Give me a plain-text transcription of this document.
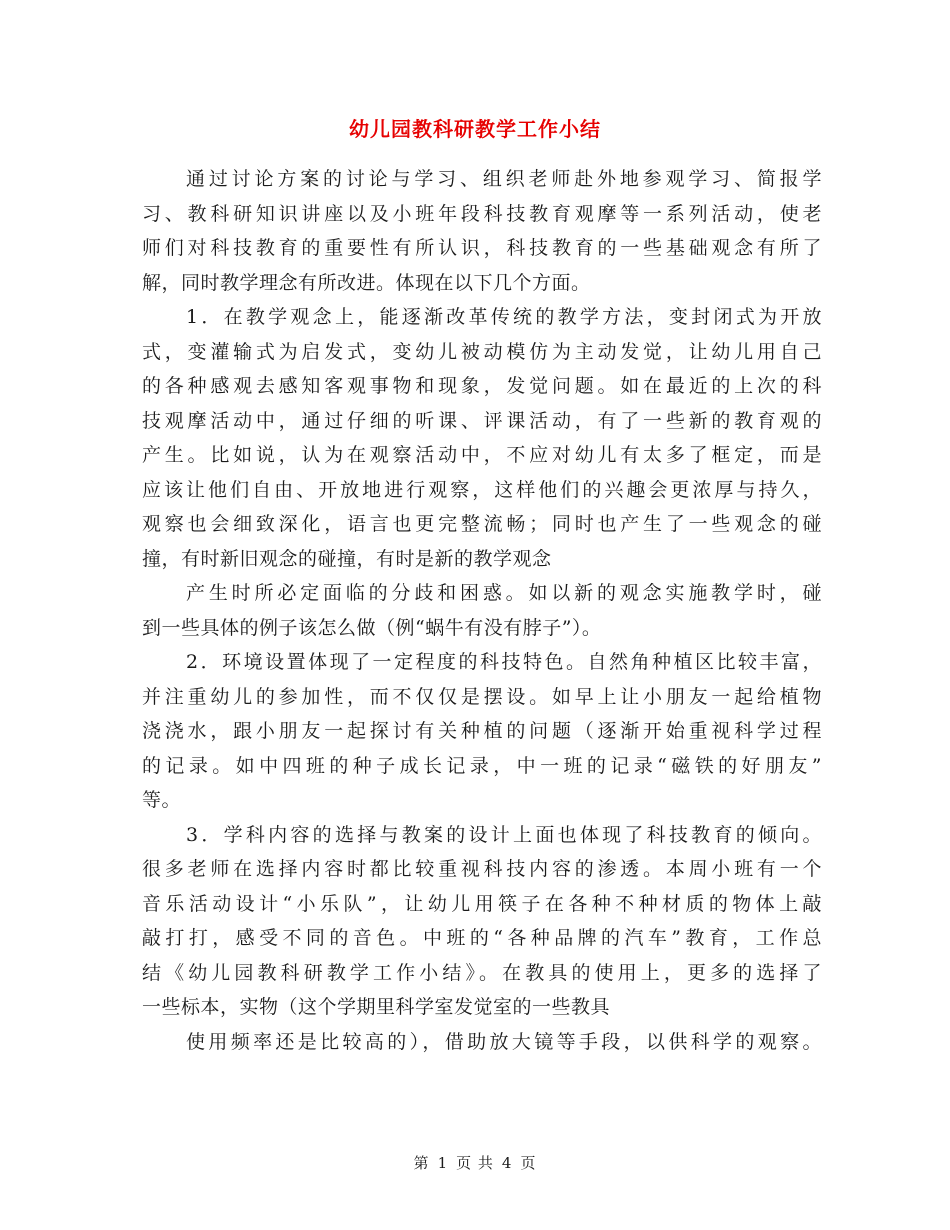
幼儿园教科研教学工作小结
通过讨论方案的讨论与学习、组织老师赴外地参观学习、简报学
习、教科研知识讲座以及小班年段科技教育观摩等一系列活动，使老
师们对科技教育的重要性有所认识，科技教育的一些基础观念有所了
解，同时教学理念有所改进。体现在以下几个方面。
1．在教学观念上，能逐渐改革传统的教学方法，变封闭式为开放
式，变灌输式为启发式，变幼儿被动模仿为主动发觉，让幼儿用自己
的各种感观去感知客观事物和现象，发觉问题。如在最近的上次的科
技观摩活动中，通过仔细的听课、评课活动，有了一些新的教育观的
产生。比如说，认为在观察活动中，不应对幼儿有太多了框定，而是
应该让他们自由、开放地进行观察，这样他们的兴趣会更浓厚与持久，
观察也会细致深化，语言也更完整流畅；同时也产生了一些观念的碰
撞，有时新旧观念的碰撞，有时是新的教学观念
产生时所必定面临的分歧和困惑。如以新的观念实施教学时，碰
到一些具体的例子该怎么做（例“蜗牛有没有脖子”）。
2．环境设置体现了一定程度的科技特色。自然角种植区比较丰富，
并注重幼儿的参加性，而不仅仅是摆设。如早上让小朋友一起给植物
浇浇水，跟小朋友一起探讨有关种植的问题（逐渐开始重视科学过程
的记录。如中四班的种子成长记录，中一班的记录“磁铁的好朋友”
等。
3．学科内容的选择与教案的设计上面也体现了科技教育的倾向。
很多老师在选择内容时都比较重视科技内容的渗透。本周小班有一个
音乐活动设计“小乐队”，让幼儿用筷子在各种不种材质的物体上敲
敲打打，感受不同的音色。中班的“各种品牌的汽车”教育，工作总
结《幼儿园教科研教学工作小结》。在教具的使用上，更多的选择了
一些标本，实物（这个学期里科学室发觉室的一些教具
使用频率还是比较高的），借助放大镜等手段，以供科学的观察。
第 1 页 共 4 页
